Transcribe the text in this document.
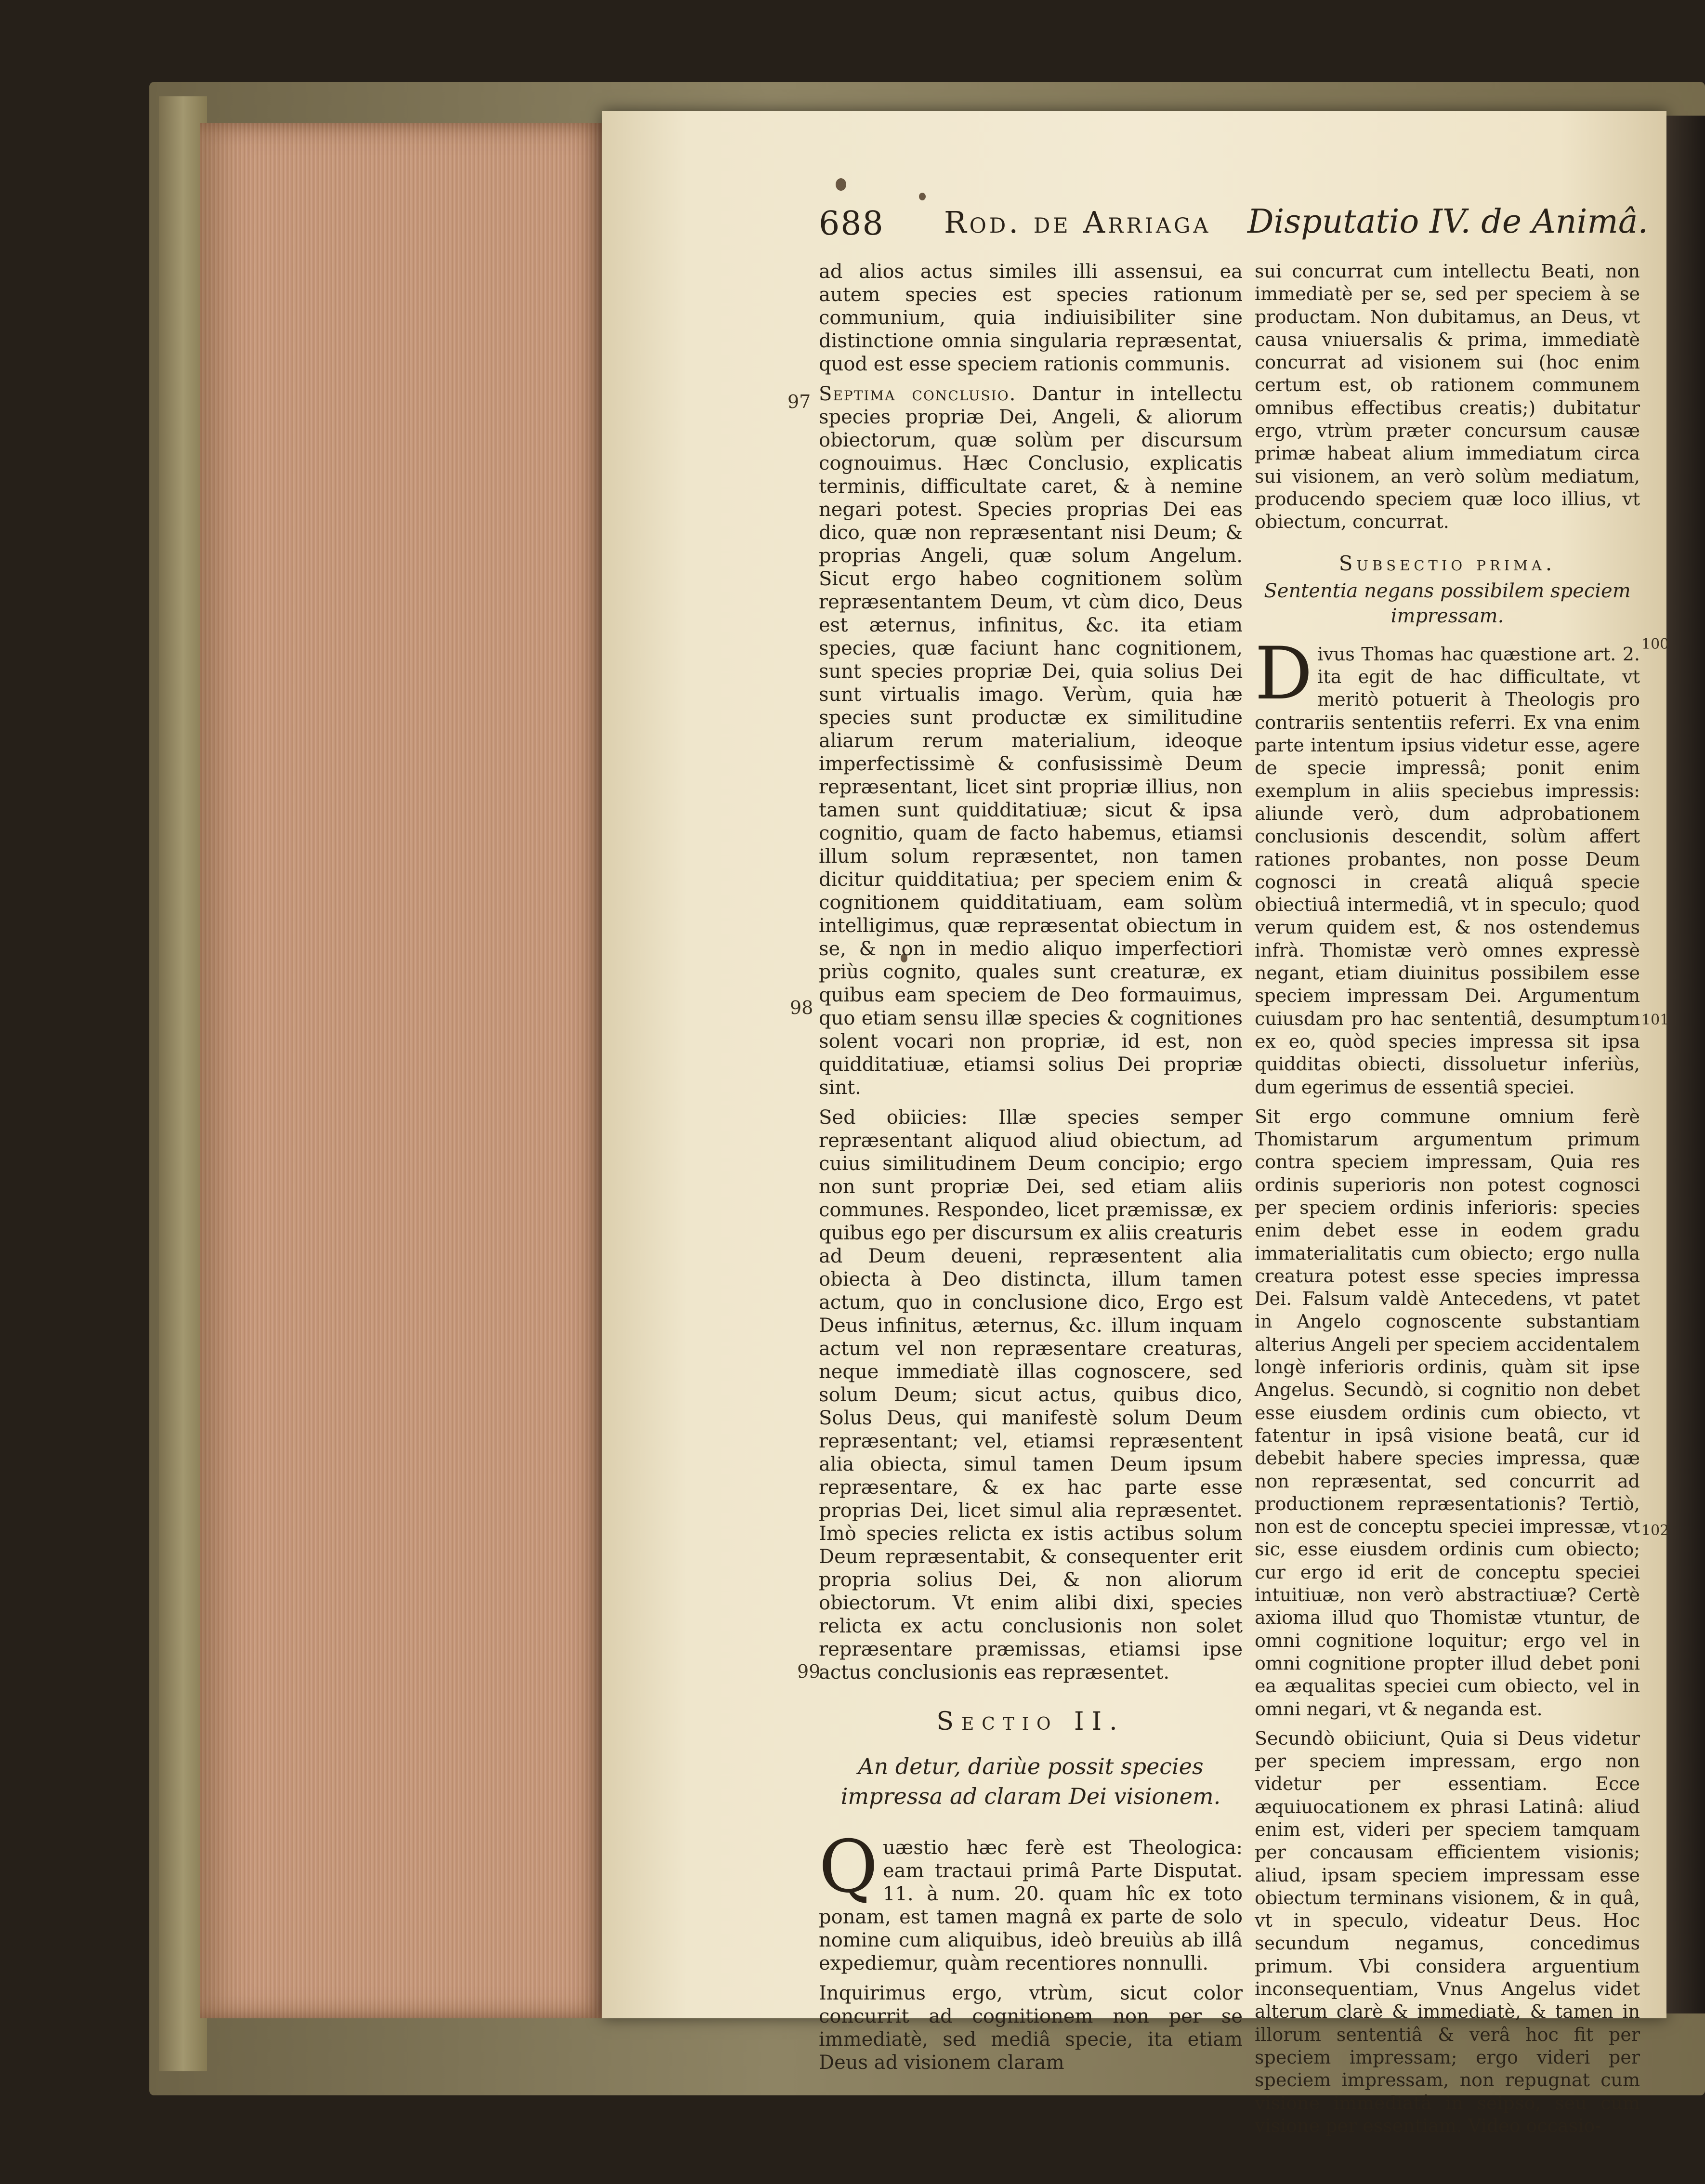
688 Rod. de Arriaga Disputatio IV. de Animâ.
97
98
99
100
101
102

ad alios actus similes illi assensui, ea autem species est species rationum communium, quia indiuisibiliter sine distinctione omnia singularia repræsentat, quod est esse speciem rationis communis.

Septima conclusio. Dantur in intellectu species propriæ Dei, Angeli, & aliorum obiectorum, quæ solùm per discursum cognouimus. Hæc Conclusio, explicatis terminis, difficultate caret, & à nemine negari potest. Species proprias Dei eas dico, quæ non repræsentant nisi Deum; & proprias Angeli, quæ solum Angelum. Sicut ergo habeo cognitionem solùm repræsentantem Deum, vt cùm dico, Deus est æternus, infinitus, &c. ita etiam species, quæ faciunt hanc cognitionem, sunt species propriæ Dei, quia solius Dei sunt virtualis imago. Verùm, quia hæ species sunt productæ ex similitudine aliarum rerum materialium, ideoque imperfectissimè & confusissimè Deum repræsentant, licet sint propriæ illius, non tamen sunt quidditatiuæ; sicut & ipsa cognitio, quam de facto habemus, etiamsi illum solum repræsentet, non tamen dicitur quidditatiua; per speciem enim & cognitionem quidditatiuam, eam solùm intelligimus, quæ repræsentat obiectum in se, & non in medio aliquo imperfectiori priùs cognito, quales sunt creaturæ, ex quibus eam speciem de Deo formauimus, quo etiam sensu illæ species & cognitiones solent vocari non propriæ, id est, non quidditatiuæ, etiamsi solius Dei propriæ sint.

Sed obiicies: Illæ species semper repræsentant aliquod aliud obiectum, ad cuius similitudinem Deum concipio; ergo non sunt propriæ Dei, sed etiam aliis communes. Respondeo, licet præmissæ, ex quibus ego per discursum ex aliis creaturis ad Deum deueni, repræsentent alia obiecta à Deo distincta, illum tamen actum, quo in conclusione dico, Ergo est Deus infinitus, æternus, &c. illum inquam actum vel non repræsentare creaturas, neque immediatè illas cognoscere, sed solum Deum; sicut actus, quibus dico, Solus Deus, qui manifestè solum Deum repræsentant; vel, etiamsi repræsentent alia obiecta, simul tamen Deum ipsum repræsentare, & ex hac parte esse proprias Dei, licet simul alia repræsentet. Imò species relicta ex istis actibus solum Deum repræsentabit, & consequenter erit propria solius Dei, & non aliorum obiectorum. Vt enim alibi dixi, species relicta ex actu conclusionis non solet repræsentare præmissas, etiamsi ipse actus conclusionis eas repræsentet.

Sectio II.
An detur, dariùe possit species impressa ad claram Dei visionem.

Quæstio hæc ferè est Theologica: eam tractaui primâ Parte Disputat. 11. à num. 20. quam hîc ex toto ponam, est tamen magnâ ex parte de solo nomine cum aliquibus, ideò breuiùs ab illâ expediemur, quàm recentiores nonnulli.

Inquirimus ergo, vtrùm, sicut color concurrit ad cognitionem non per se immediatè, sed mediâ specie, ita etiam Deus ad visionem claram

sui concurrat cum intellectu Beati, non immediatè per se, sed per speciem à se productam. Non dubitamus, an Deus, vt causa vniuersalis & prima, immediatè concurrat ad visionem sui (hoc enim certum est, ob rationem communem omnibus effectibus creatis;) dubitatur ergo, vtrùm præter concursum causæ primæ habeat alium immediatum circa sui visionem, an verò solùm mediatum, producendo speciem quæ loco illius, vt obiectum, concurrat.

Subsectio prima.
Sententia negans possibilem speciem impressam.

Divus Thomas hac quæstione art. 2. ita egit de hac difficultate, vt meritò potuerit à Theologis pro contrariis sententiis referri. Ex vna enim parte intentum ipsius videtur esse, agere de specie impressâ; ponit enim exemplum in aliis speciebus impressis: aliunde verò, dum adprobationem conclusionis descendit, solùm affert rationes probantes, non posse Deum cognosci in creatâ aliquâ specie obiectiuâ intermediâ, vt in speculo; quod verum quidem est, & nos ostendemus infrà. Thomistæ verò omnes expressè negant, etiam diuinitus possibilem esse speciem impressam Dei. Argumentum cuiusdam pro hac sententiâ, desumptum ex eo, quòd species impressa sit ipsa quidditas obiecti, dissoluetur inferiùs, dum egerimus de essentiâ speciei.

Sit ergo commune omnium ferè Thomistarum argumentum primum contra speciem impressam, Quia res ordinis superioris non potest cognosci per speciem ordinis inferioris: species enim debet esse in eodem gradu immaterialitatis cum obiecto; ergo nulla creatura potest esse species impressa Dei. Falsum valdè Antecedens, vt patet in Angelo cognoscente substantiam alterius Angeli per speciem accidentalem longè inferioris ordinis, quàm sit ipse Angelus. Secundò, si cognitio non debet esse eiusdem ordinis cum obiecto, vt fatentur in ipsâ visione beatâ, cur id debebit habere species impressa, quæ non repræsentat, sed concurrit ad productionem repræsentationis? Tertiò, non est de conceptu speciei impressæ, vt sic, esse eiusdem ordinis cum obiecto; cur ergo id erit de conceptu speciei intuitiuæ, non verò abstractiuæ? Certè axioma illud quo Thomistæ vtuntur, de omni cognitione loquitur; ergo vel in omni cognitione propter illud debet poni ea æqualitas speciei cum obiecto, vel in omni negari, vt & neganda est.

Secundò obiiciunt, Quia si Deus videtur per speciem impressam, ergo non videtur per essentiam. Ecce æquiuocationem ex phrasi Latinâ: aliud enim est, videri per speciem tamquam per concausam efficientem visionis; aliud, ipsam speciem impressam esse obiectum terminans visionem, & in quâ, vt in speculo, videatur Deus. Hoc secundum negamus, concedimus primum. Vbi considera arguentium inconsequentiam, Vnus Angelus videt alterum clarè & immediatè, & tamen in illorum sententiâ & verâ hoc fit per speciem impressam; ergo videri per speciem impressam, non repugnat cum visione immediatâ in seipso, seu cum visione per essentiam. Video occasio-
